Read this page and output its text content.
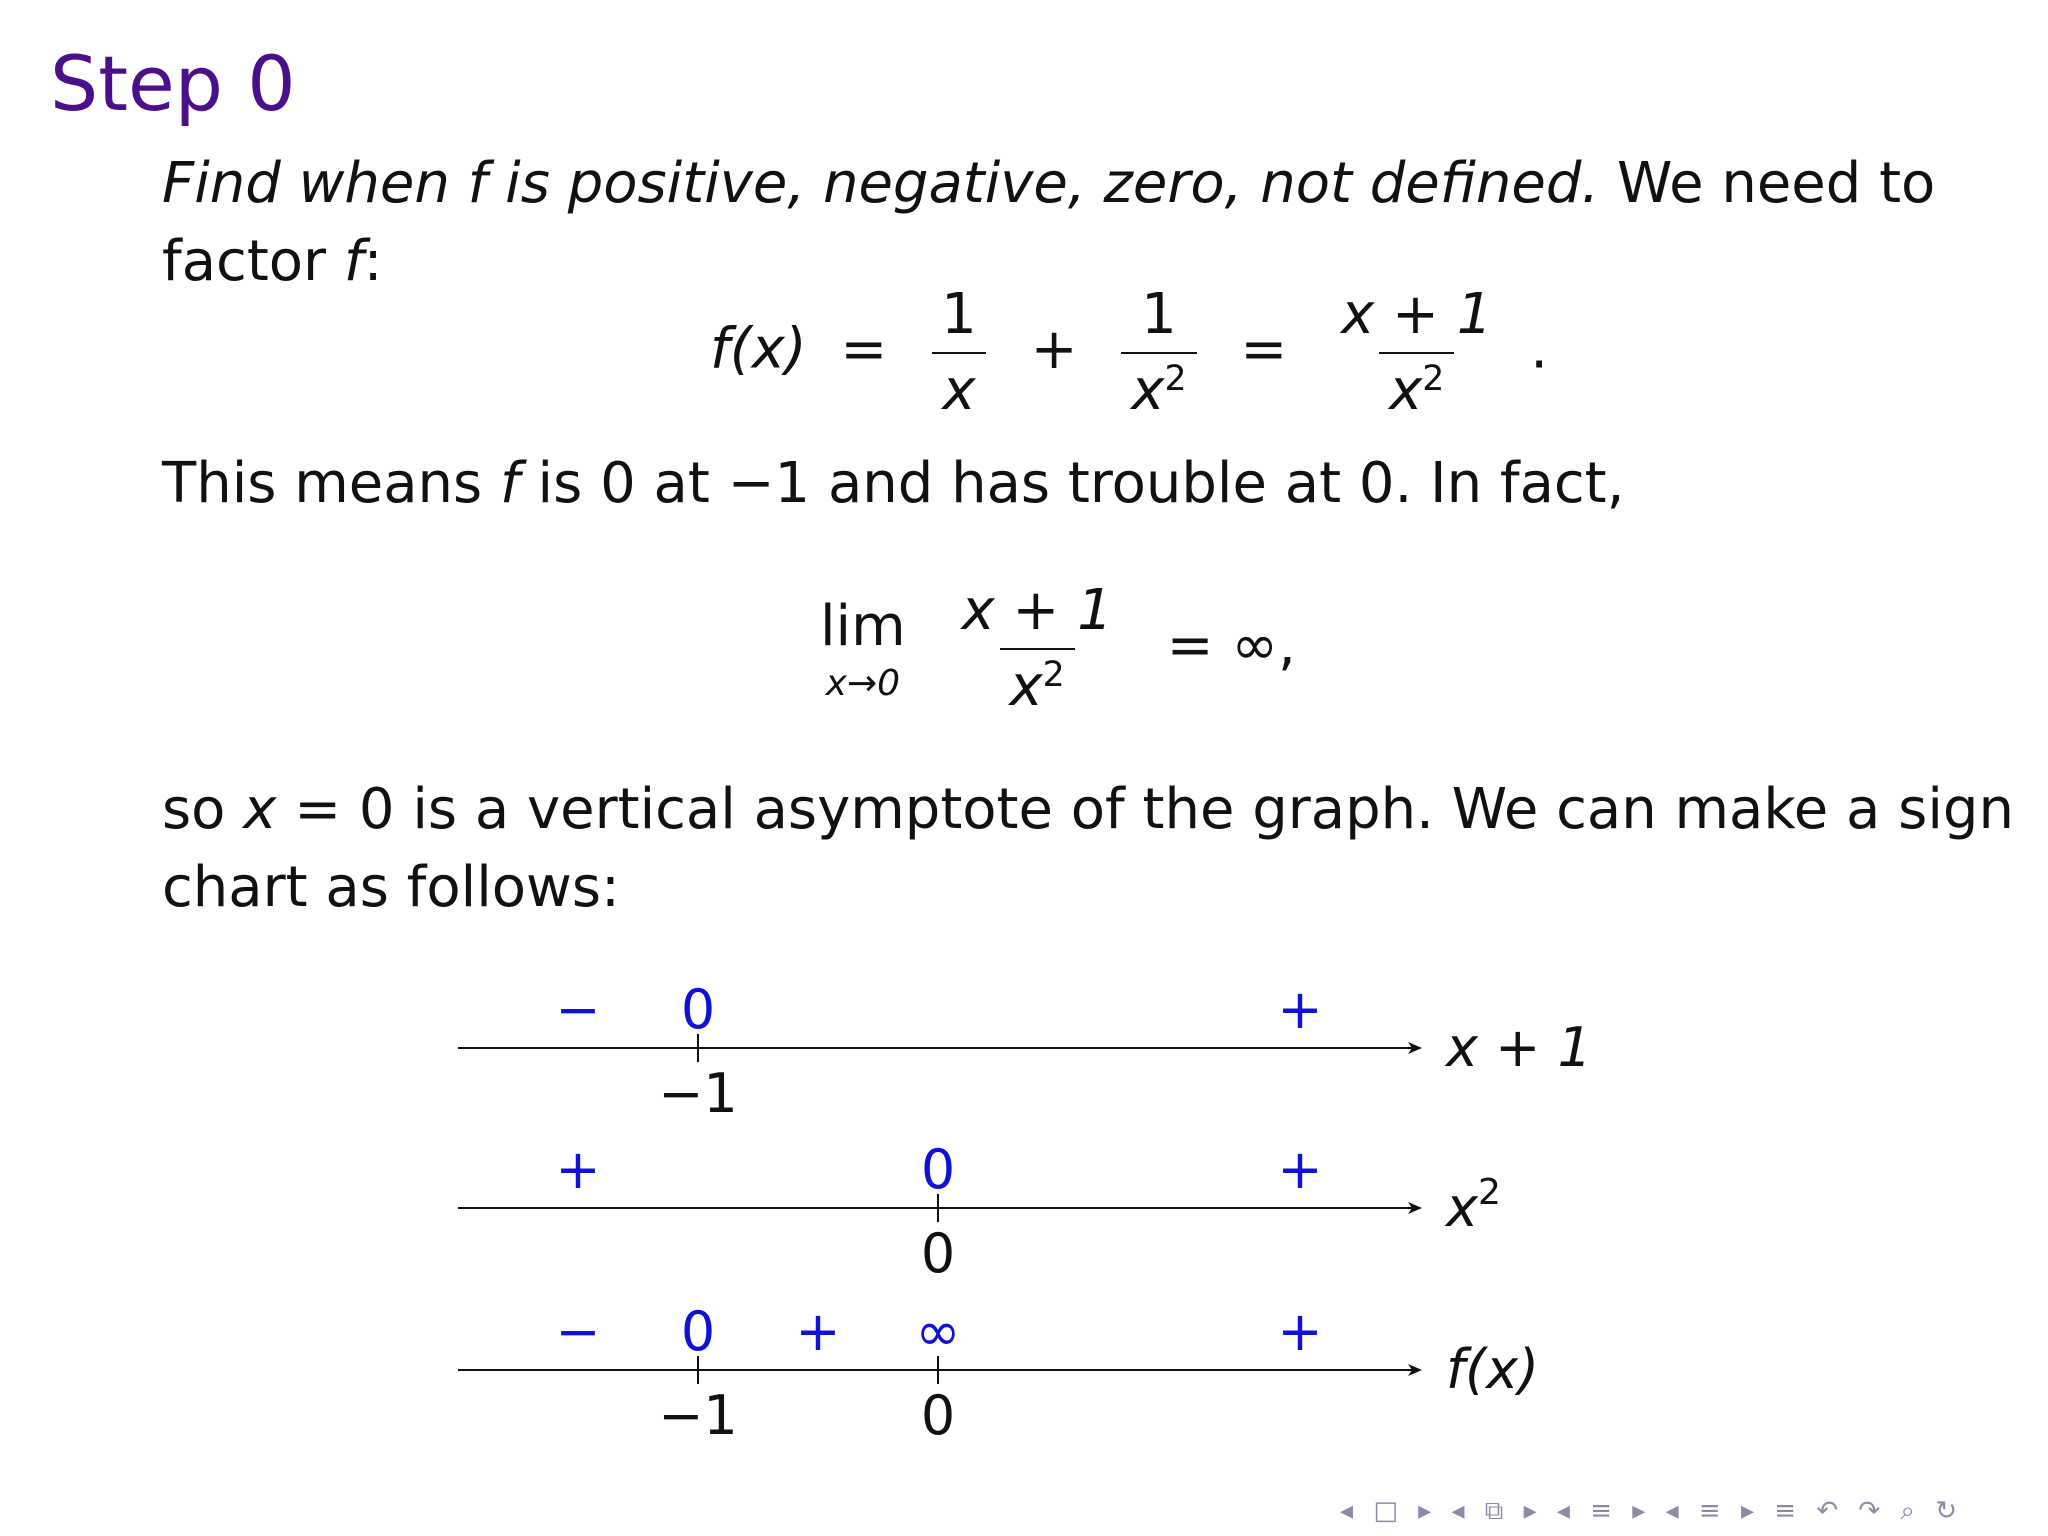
Step 0
Find when f is positive, negative, zero, not defined. We need to
factor f:
$f(x) = \frac{1}{x} + \frac{1}{x^2} = \frac{x + 1}{x^2}$ .
This means f is 0 at −1 and has trouble at 0. In fact,
lim
x→0
$\frac{x + 1}{x^2}$ = ∞,
so x = 0 is a vertical asymptote of the graph. We can make a sign
chart as follows:
− 0	+
−1
x + 1
+	0	+
0
$x^2$
− 0 + ∞	+
−1	0
f(x)
◂ □ ▸ ◂ ⧉ ▸ ◂ ≡ ▸ ◂ ≡ ▸ ≡ ↶ ↷ ⌕ ↻
